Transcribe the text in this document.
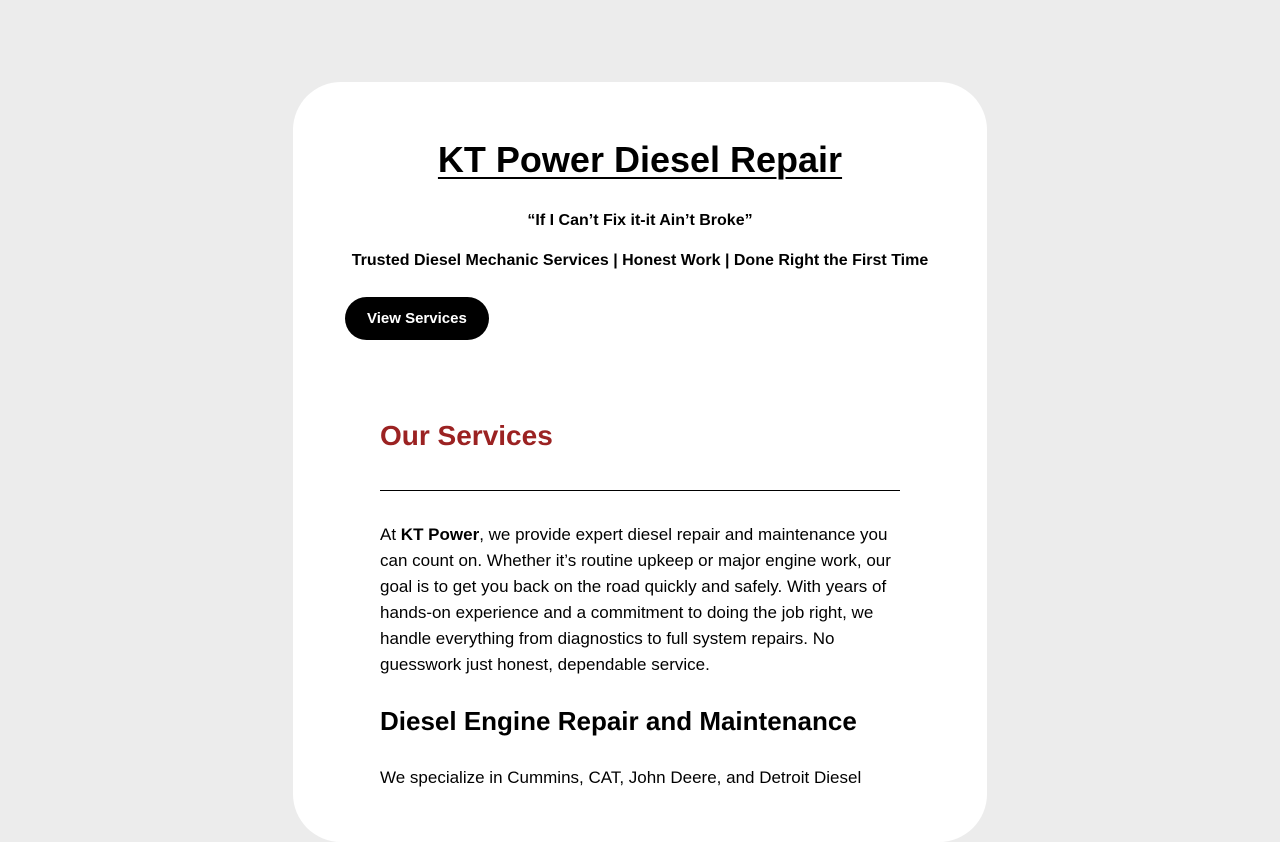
KT Power Diesel Repair

“If I Can’t Fix it-it Ain’t Broke”

Trusted Diesel Mechanic Services | Honest Work | Done Right the First Time

View Services
Our Services

At KT Power, we provide expert diesel repair and maintenance you can count on. Whether it’s routine upkeep or major engine work, our goal is to get you back on the road quickly and safely. With years of hands-on experience and a commitment to doing the job right, we handle everything from diagnostics to full system repairs. No guesswork just honest, dependable service.

Diesel Engine Repair and Maintenance

We specialize in Cummins, CAT, John Deere, and Detroit Diesel
